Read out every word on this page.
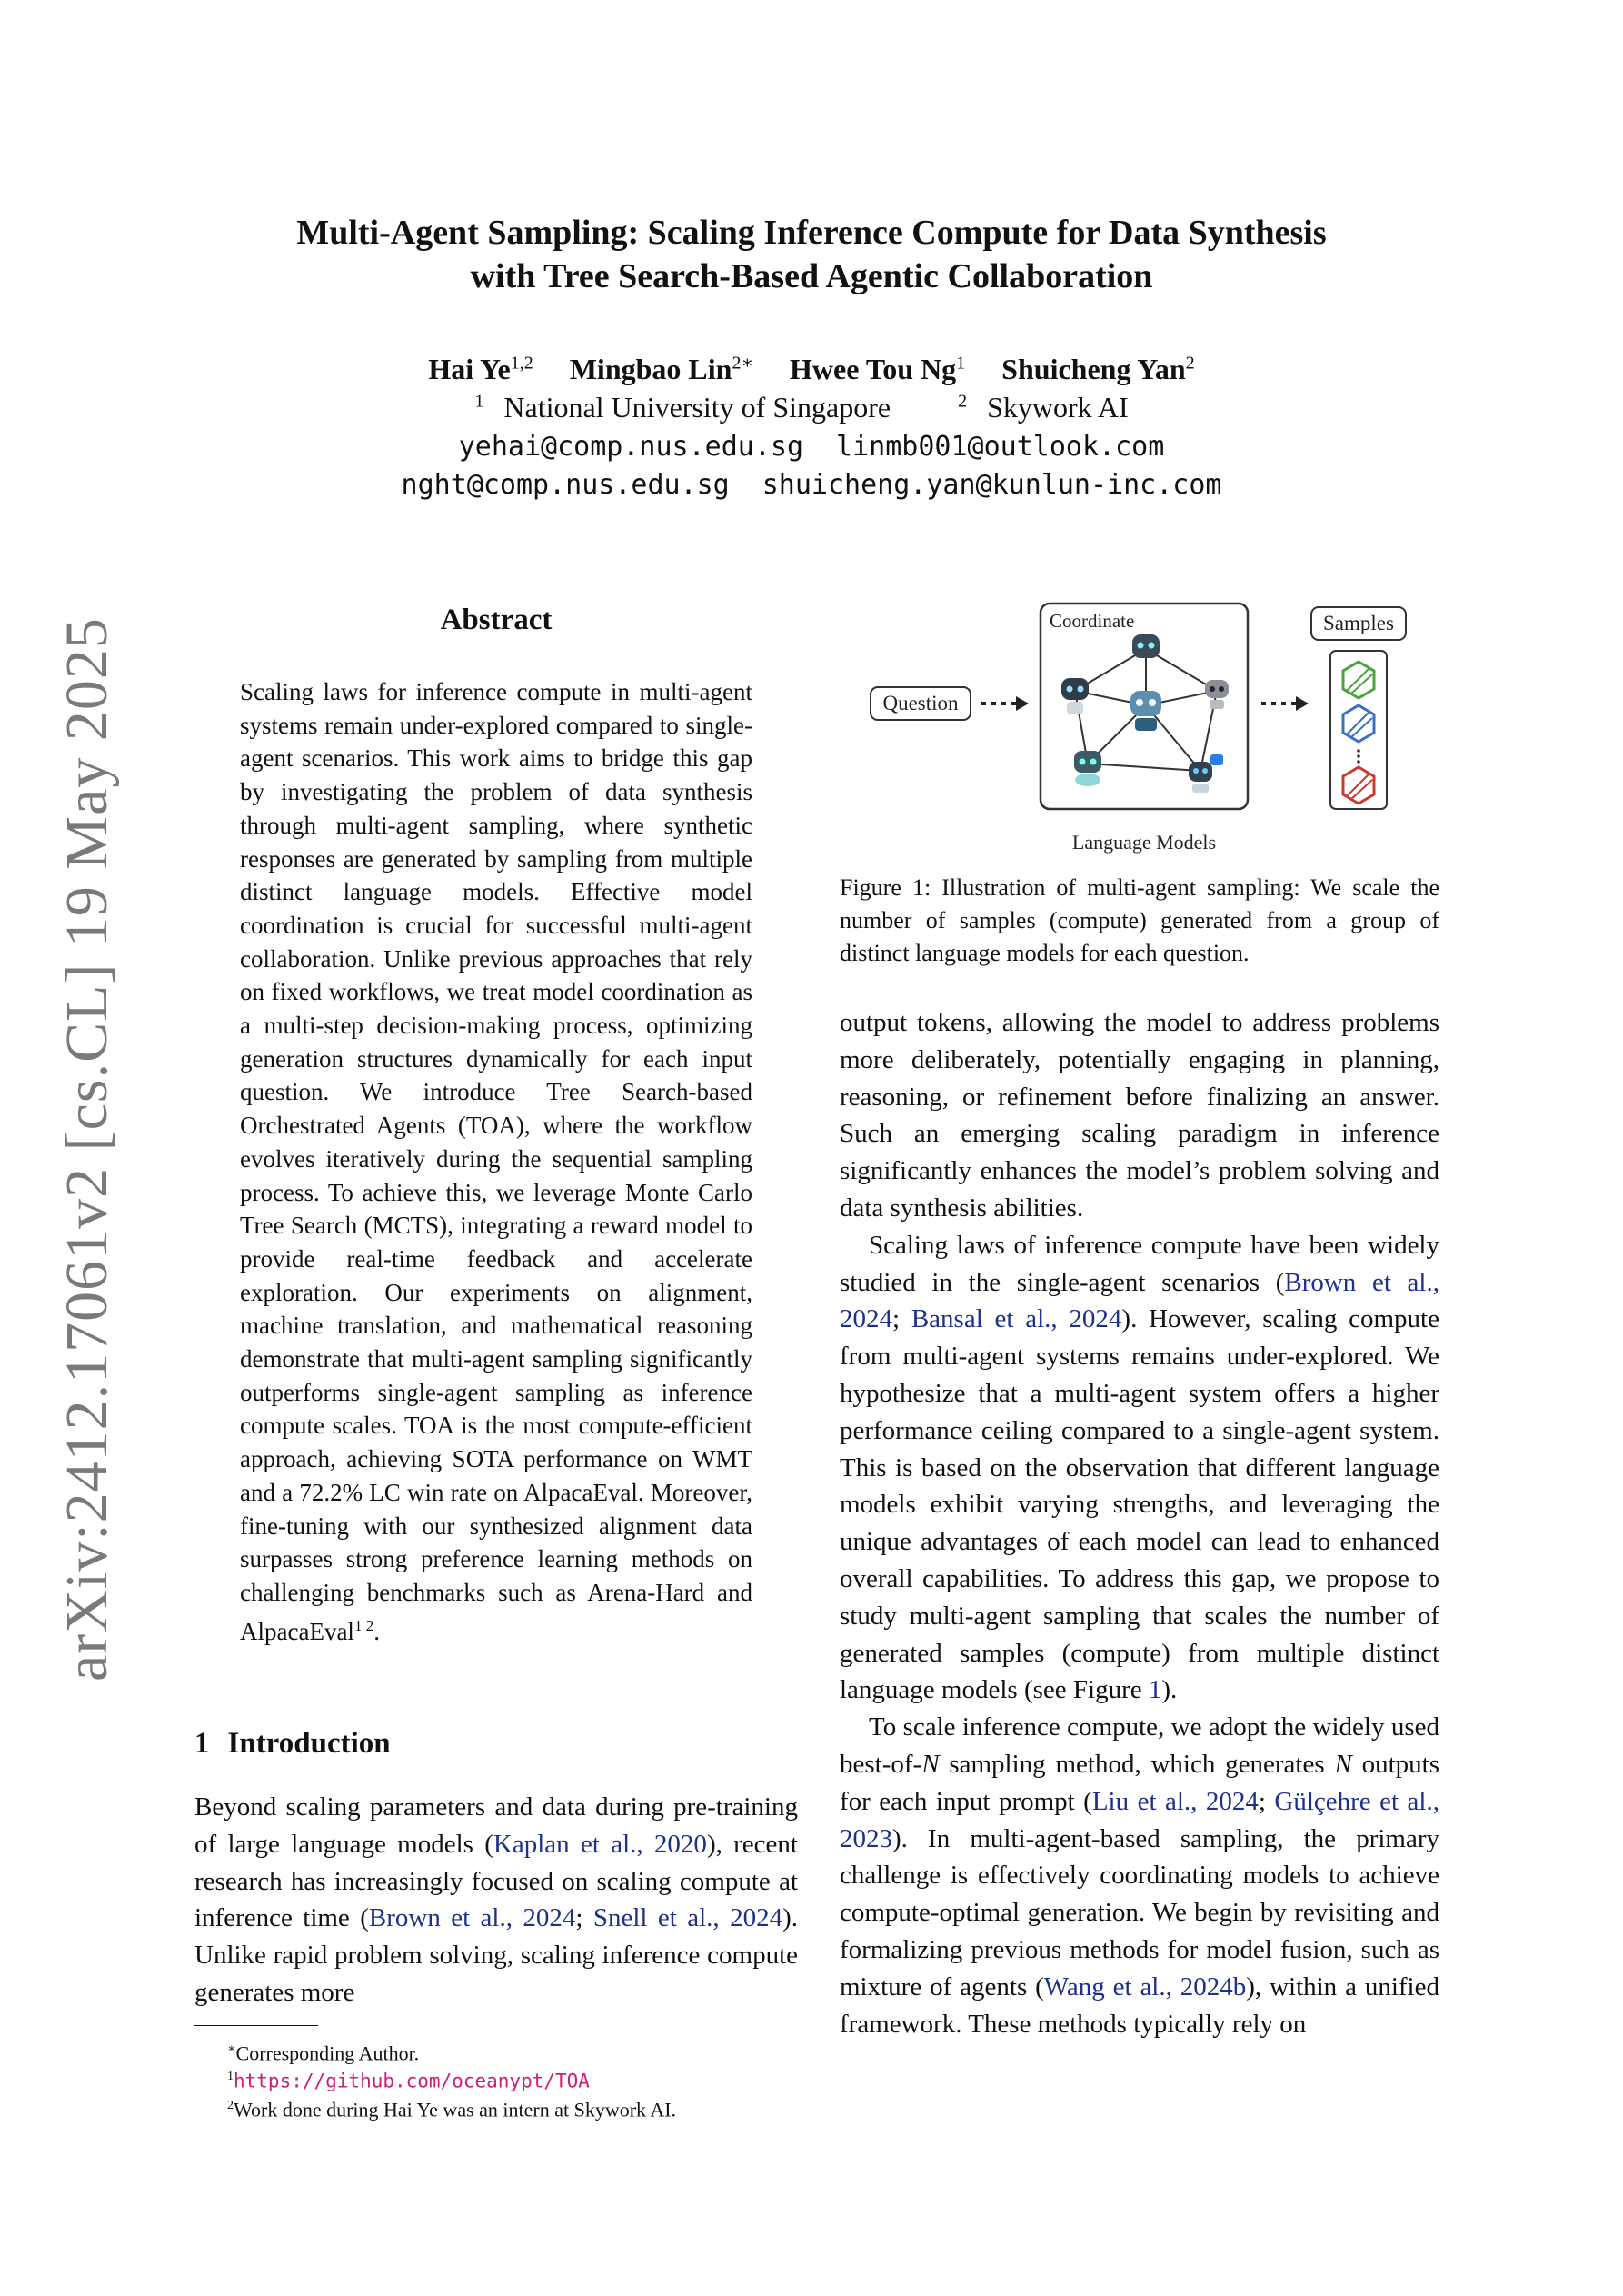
arXiv:2412.17061v2 [cs.CL] 19 May 2025
Multi-Agent Sampling: Scaling Inference Compute for Data Synthesis
with Tree Search-Based Agentic Collaboration
Hai Ye$^{1,2}$ Mingbao Lin$^{2∗}$ Hwee Tou Ng$^1$ Shuicheng Yan$^2$
$^1$ National University of Singapore	$^2$ Skywork AI
yehai@comp.nus.edu.sg linmb001@outlook.com
nght@comp.nus.edu.sg shuicheng.yan@kunlun-inc.com
Abstract
Scaling laws for inference compute in multi-agent systems remain under-explored compared to single-agent scenarios. This work aims to bridge this gap by investigating the problem of data synthesis through multi-agent sampling, where synthetic responses are generated by sampling from multiple distinct language models. Effective model coordination is crucial for successful multi-agent collaboration. Unlike previous approaches that rely on fixed workflows, we treat model coordination as a multi-step decision-making process, optimizing generation structures dynamically for each input question. We introduce Tree Search-based Orchestrated Agents (TOA), where the workflow evolves iteratively during the sequential sampling process. To achieve this, we leverage Monte Carlo Tree Search (MCTS), integrating a reward model to provide real-time feedback and accelerate exploration. Our experiments on alignment, machine translation, and mathematical reasoning demonstrate that multi-agent sampling significantly outperforms single-agent sampling as inference compute scales. TOA is the most compute-efficient approach, achieving SOTA performance on WMT and a 72.2% LC win rate on AlpacaEval. Moreover, fine-tuning with our synthesized alignment data surpasses strong preference learning methods on challenging benchmarks such as Arena-Hard and AlpacaEval$^{1 2}$.
1 Introduction
Beyond scaling parameters and data during pre-training of large language models (Kaplan et al., 2020), recent research has increasingly focused on scaling compute at inference time (Brown et al., 2024; Snell et al., 2024). Unlike rapid problem solving, scaling inference compute generates more
∗Corresponding Author.
$^1$https://github.com/oceanypt/TOA
$^2$Work done during Hai Ye was an intern at Skywork AI.
Question
Coordinate
Language Models
Samples
Figure 1: Illustration of multi-agent sampling: We scale the number of samples (compute) generated from a group of distinct language models for each question.

output tokens, allowing the model to address problems more deliberately, potentially engaging in planning, reasoning, or refinement before finalizing an answer. Such an emerging scaling paradigm in inference significantly enhances the model’s problem solving and data synthesis abilities.

Scaling laws of inference compute have been widely studied in the single-agent scenarios (Brown et al., 2024; Bansal et al., 2024). However, scaling compute from multi-agent systems remains under-explored. We hypothesize that a multi-agent system offers a higher performance ceiling compared to a single-agent system. This is based on the observation that different language models exhibit varying strengths, and leveraging the unique advantages of each model can lead to enhanced overall capabilities. To address this gap, we propose to study multi-agent sampling that scales the number of generated samples (compute) from multiple distinct language models (see Figure 1).

To scale inference compute, we adopt the widely used best-of-N sampling method, which generates N outputs for each input prompt (Liu et al., 2024; Gülçehre et al., 2023). In multi-agent-based sampling, the primary challenge is effectively coordinating models to achieve compute-optimal generation. We begin by revisiting and formalizing previous methods for model fusion, such as mixture of agents (Wang et al., 2024b), within a unified framework. These methods typically rely on
